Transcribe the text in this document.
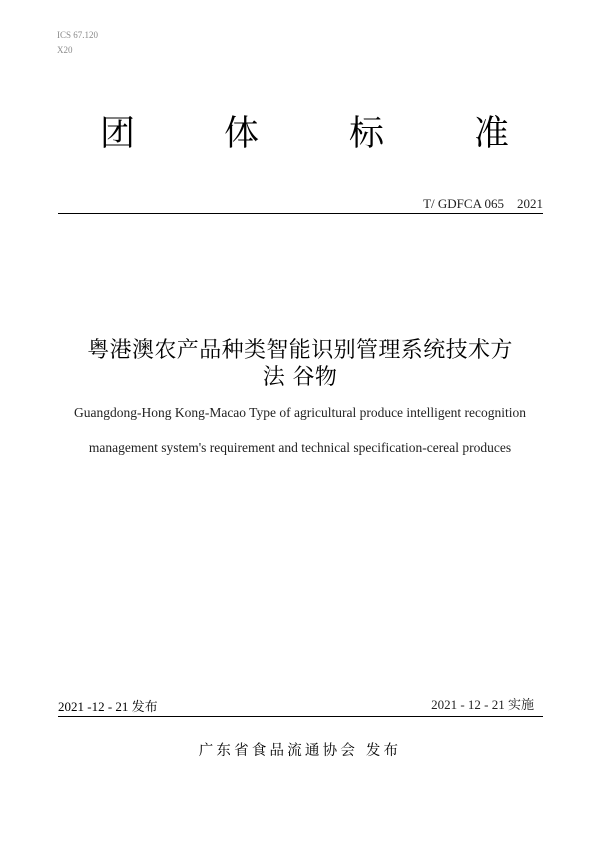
ICS 67.120
X20
团	体	标	准
T/ GDFCA 065    2021
粤港澳农产品种类智能识别管理系统技术方
法 谷物
Guangdong-Hong Kong-Macao Type of agricultural produce intelligent recognition
management system's requirement and technical specification-cereal produces
2021 -12 - 21 发布	2021 - 12 - 21 实施
广东省食品流通协会 发布
